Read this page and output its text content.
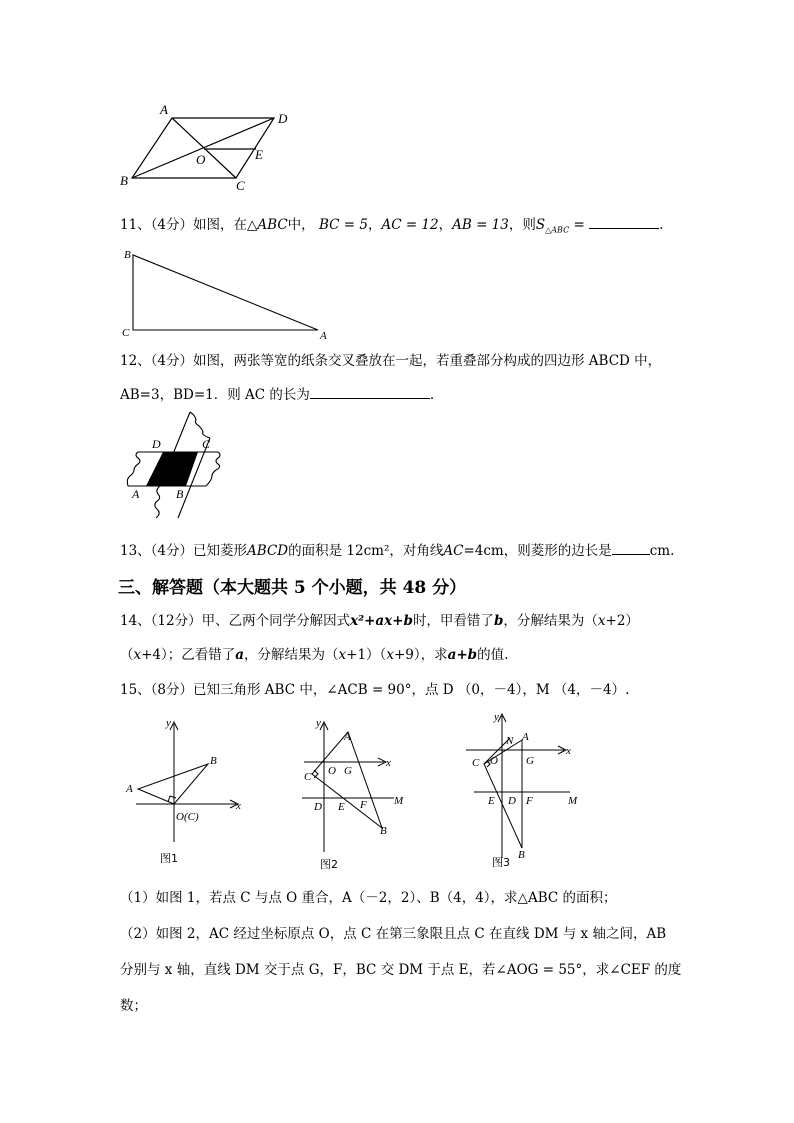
A
D
O	E
B	C
11、（4分）如图，在△ABC中， BC = 5，AC = 12，AB = 13，则$S_{\triangle ABC}$ =	.
B
C	A
12、（4分）如图，两张等宽的纸条交叉叠放在一起，若重叠部分构成的四边形 ABCD 中，
AB=3，BD=1．则 AC 的长为	.
D	C
A	B
13、（4分）已知菱形ABCD的面积是 12cm²，对角线AC=4cm，则菱形的边长是	cm.
三、解答题（本大题共 5 个小题，共 48 分）
14、（12分）甲、乙两个同学分解因式x²+ax+b时，甲看错了b，分解结果为（x+2）
（x+4）；乙看错了a，分解结果为（x+1）（x+9），求a+b的值.
15、（8分）已知三角形 ABC 中，∠ACB = 90°，点 D （0，－4），M （4，－4）.
y
x
A
B
O(C)
图1
y
x
A
C O G
D E F M
B
图2
y
x
N A
C O	G
E D F	M
B
图3
（1）如图 1，若点 C 与点 O 重合，A（－2，2）、B（4，4），求△ABC 的面积；
（2）如图 2，AC 经过坐标原点 O，点 C 在第三象限且点 C 在直线 DM 与 x 轴之间，AB
分别与 x 轴，直线 DM 交于点 G，F，BC 交 DM 于点 E，若∠AOG = 55°，求∠CEF 的度
数；
